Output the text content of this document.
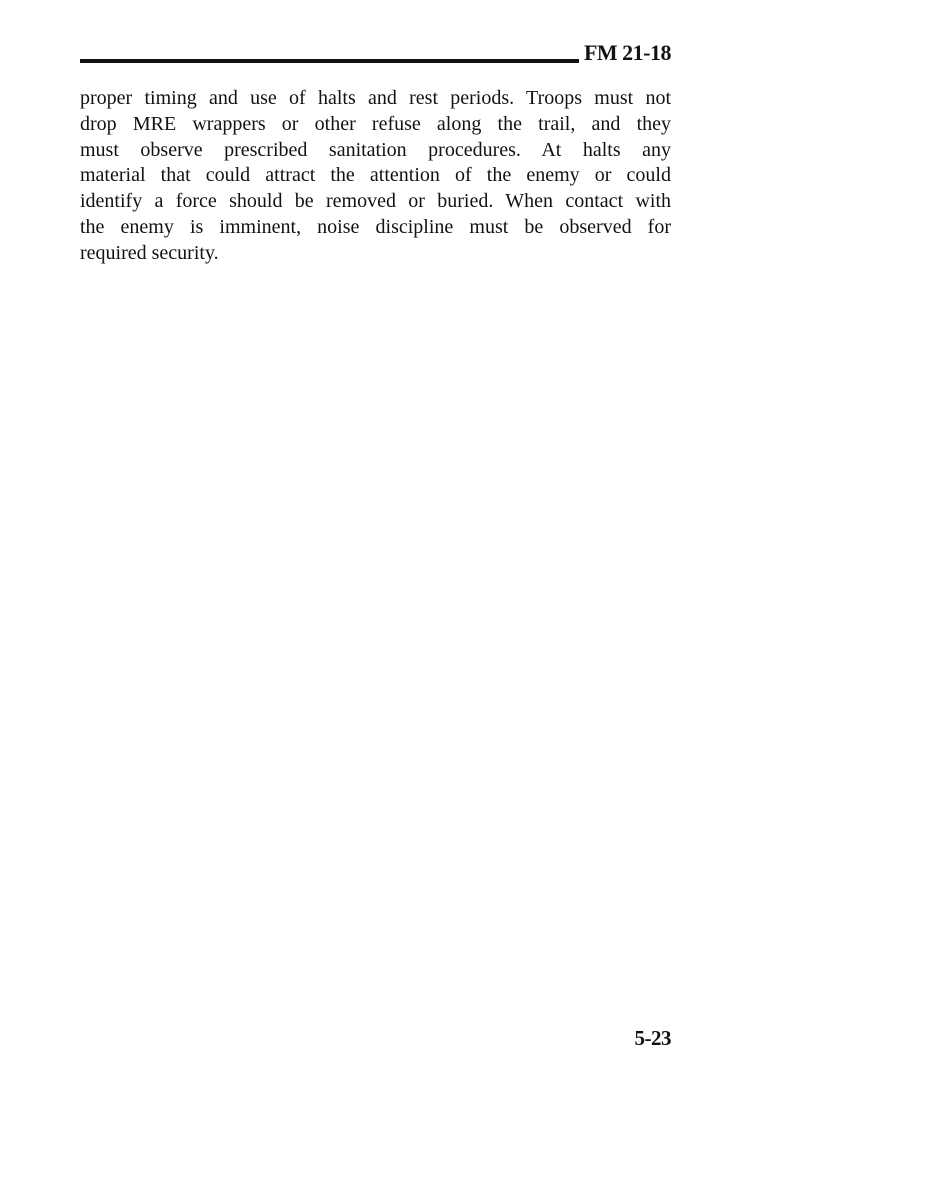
FM 21-18
proper timing and use of halts and rest periods. Troops must not
drop MRE wrappers or other refuse along the trail, and they
must observe prescribed sanitation procedures. At halts any
material that could attract the attention of the enemy or could
identify a force should be removed or buried. When contact with
the enemy is imminent, noise discipline must be observed for
required security.
5-23
